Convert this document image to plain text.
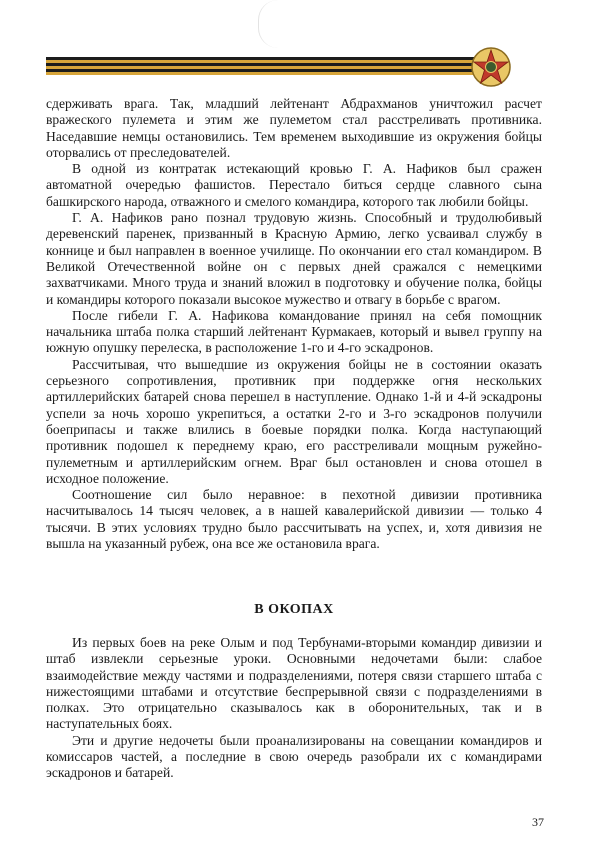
сдерживать врага. Так, младший лейтенант Абдрахманов уничтожил расчет вражеского пулемета и этим же пулеметом стал расстреливать противника. Наседавшие немцы остановились. Тем временем выходившие из окружения бойцы оторвались от преследователей.

В одной из контратак истекающий кровью Г. А. Нафиков был сражен автоматной очередью фашистов. Перестало биться сердце славного сына башкирского народа, отважного и смелого командира, которого так любили бойцы.

Г. А. Нафиков рано познал трудовую жизнь. Способный и трудолюбивый деревенский паренек, призванный в Красную Армию, легко усваивал службу в коннице и был направлен в военное училище. По окончании его стал командиром. В Великой Отечественной войне он с первых дней сражался с немецкими захватчиками. Много труда и знаний вложил в подготовку и обучение полка, бойцы и командиры которого показали высокое мужество и отвагу в борьбе с врагом.

После гибели Г. А. Нафикова командование принял на себя помощник начальника штаба полка старший лейтенант Курмакаев, который и вывел группу на южную опушку перелеска, в расположение 1-го и 4-го эскадронов.

Рассчитывая, что вышедшие из окружения бойцы не в состоянии оказать серьезного сопротивления, противник при поддержке огня нескольких артиллерийских батарей снова перешел в наступление. Однако 1-й и 4-й эскадроны успели за ночь хорошо укрепиться, а остатки 2-го и 3-го эскадронов получили боеприпасы и также влились в боевые порядки полка. Когда наступающий противник подошел к переднему краю, его расстреливали мощным ружейно-пулеметным и артиллерийским огнем. Враг был остановлен и снова отошел в исходное положение.

Соотношение сил было неравное: в пехотной дивизии противника насчитывалось 14 тысяч человек, а в нашей кавалерийской дивизии — только 4 тысячи. В этих условиях трудно было рассчитывать на успех, и, хотя дивизия не вышла на указанный рубеж, она все же остановила врага.

В ОКОПАХ

Из первых боев на реке Олым и под Тербунами-вторыми командир дивизии и штаб извлекли серьезные уроки. Основными недочетами были: слабое взаимодействие между частями и подразделениями, потеря связи старшего штаба с нижестоящими штабами и отсутствие беспрерывной связи с подразделениями в полках. Это отрицательно сказывалось как в оборонительных, так и в наступательных боях.

Эти и другие недочеты были проанализированы на совещании командиров и комиссаров частей, а последние в свою очередь разобрали их с командирами эскадронов и батарей.

37
